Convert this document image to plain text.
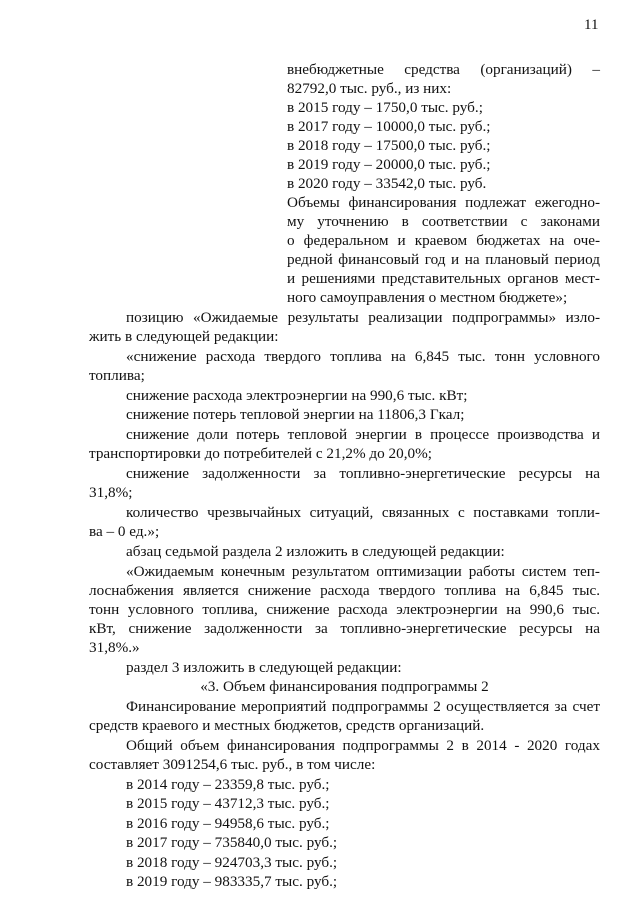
11
внебюджетные средства (организаций) –
82792,0 тыс. руб., из них:
в 2015 году – 1750,0 тыс. руб.;
в 2017 году – 10000,0 тыс. руб.;
в 2018 году – 17500,0 тыс. руб.;
в 2019 году – 20000,0 тыс. руб.;
в 2020 году – 33542,0 тыс. руб.
Объемы финансирования подлежат ежегодно-
му уточнению в соответствии с законами
о федеральном и краевом бюджетах на оче-
редной финансовый год и на плановый период
и решениями представительных органов мест-
ного самоуправления о местном бюджете»;
позицию «Ожидаемые результаты реализации подпрограммы» изло-
жить в следующей редакции:
«снижение расхода твердого топлива на 6,845 тыс. тонн условного
топлива;
снижение расхода электроэнергии на 990,6 тыс. кВт;
снижение потерь тепловой энергии на 11806,3 Гкал;
снижение доли потерь тепловой энергии в процессе производства и
транспортировки до потребителей с 21,2% до 20,0%;
снижение задолженности за топливно-энергетические ресурсы на
31,8%;
количество чрезвычайных ситуаций, связанных с поставками топли-
ва – 0 ед.»;
абзац седьмой раздела 2 изложить в следующей редакции:
«Ожидаемым конечным результатом оптимизации работы систем теп-
лоснабжения является снижение расхода твердого топлива на 6,845 тыс.
тонн условного топлива, снижение расхода электроэнергии на 990,6 тыс.
кВт, снижение задолженности за топливно-энергетические ресурсы на
31,8%.»
раздел 3 изложить в следующей редакции:
«3. Объем финансирования подпрограммы 2
Финансирование мероприятий подпрограммы 2 осуществляется за счет
средств краевого и местных бюджетов, средств организаций.
Общий объем финансирования подпрограммы 2 в 2014 - 2020 годах
составляет 3091254,6 тыс. руб., в том числе:
в 2014 году – 23359,8 тыс. руб.;
в 2015 году – 43712,3 тыс. руб.;
в 2016 году – 94958,6 тыс. руб.;
в 2017 году – 735840,0 тыс. руб.;
в 2018 году – 924703,3 тыс. руб.;
в 2019 году – 983335,7 тыс. руб.;
